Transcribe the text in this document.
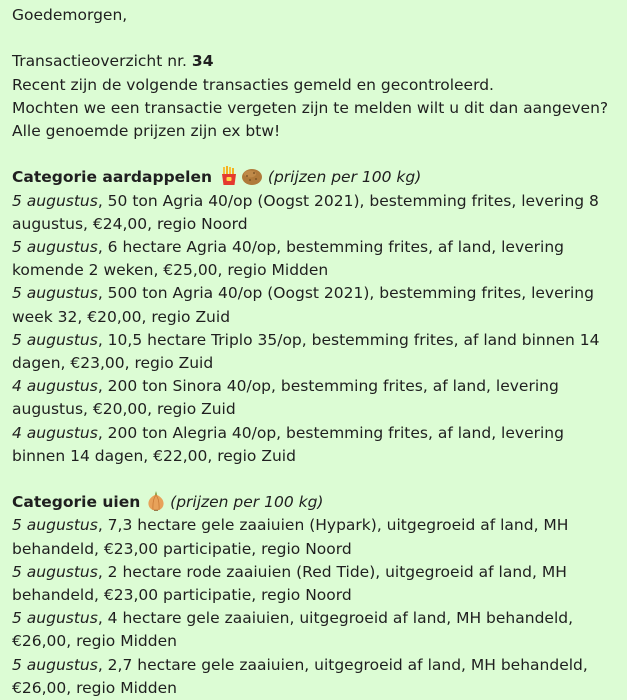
Goedemorgen,
Transactieoverzicht nr. 34
Recent zijn de volgende transacties gemeld en gecontroleerd.
Mochten we een transactie vergeten zijn te melden wilt u dit dan aangeven?
Alle genoemde prijzen zijn ex btw!
Categorie aardappelen	(prijzen per 100 kg)
5 augustus, 50 ton Agria 40/op (Oogst 2021), bestemming frites, levering 8 augustus, €24,00, regio Noord
5 augustus, 6 hectare Agria 40/op, bestemming frites, af land, levering komende 2 weken, €25,00, regio Midden
5 augustus, 500 ton Agria 40/op (Oogst 2021), bestemming frites, levering week 32, €20,00, regio Zuid
5 augustus, 10,5 hectare Triplo 35/op, bestemming frites, af land binnen 14 dagen, €23,00, regio Zuid
4 augustus, 200 ton Sinora 40/op, bestemming frites, af land, levering augustus, €20,00, regio Zuid
4 augustus, 200 ton Alegria 40/op, bestemming frites, af land, levering binnen 14 dagen, €22,00, regio Zuid
Categorie uien (prijzen per 100 kg)
5 augustus, 7,3 hectare gele zaaiuien (Hypark), uitgegroeid af land, MH behandeld, €23,00 participatie, regio Noord
5 augustus, 2 hectare rode zaaiuien (Red Tide), uitgegroeid af land, MH behandeld, €23,00 participatie, regio Noord
5 augustus, 4 hectare gele zaaiuien, uitgegroeid af land, MH behandeld, €26,00, regio Midden
5 augustus, 2,7 hectare gele zaaiuien, uitgegroeid af land, MH behandeld, €26,00, regio Midden
